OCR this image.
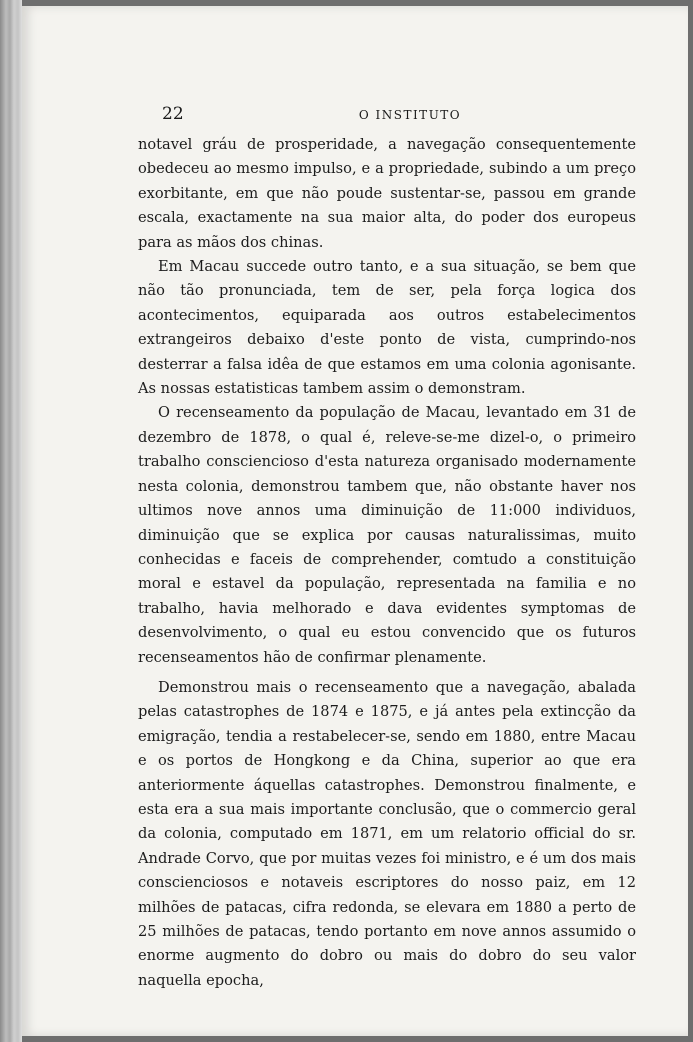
22	O INSTITUTO

notavel gráu de prosperidade, a navegação consequentemente obedeceu ao mesmo impulso, e a propriedade, subindo a um preço exorbitante, em que não poude sustentar-se, passou em grande escala, exactamente na sua maior alta, do poder dos europeus para as mãos dos chinas.

Em Macau succede outro tanto, e a sua situação, se bem que não tão pronunciada, tem de ser, pela força logica dos acontecimentos, equiparada aos outros estabelecimentos extrangeiros debaixo d'este ponto de vista, cumprindo-nos desterrar a falsa idêa de que estamos em uma colonia agonisante. As nossas estatisticas tambem assim o demonstram.

O recenseamento da população de Macau, levantado em 31 de dezembro de 1878, o qual é, releve-se-me dizel-o, o primeiro trabalho consciencioso d'esta natureza organisado modernamente nesta colonia, demonstrou tambem que, não obstante haver nos ultimos nove annos uma diminuição de 11:000 individuos, diminuição que se explica por causas naturalissimas, muito conhecidas e faceis de comprehender, comtudo a constituição moral e estavel da população, representada na familia e no trabalho, havia melhorado e dava evidentes symptomas de desenvolvimento, o qual eu estou convencido que os futuros recenseamentos hão de confirmar plenamente.

Demonstrou mais o recenseamento que a navegação, abalada pelas catastrophes de 1874 e 1875, e já antes pela extincção da emigração, tendia a restabelecer-se, sendo em 1880, entre Macau e os portos de Hongkong e da China, superior ao que era anteriormente áquellas catastrophes. Demonstrou finalmente, e esta era a sua mais importante conclusão, que o commercio geral da colonia, computado em 1871, em um relatorio official do sr. Andrade Corvo, que por muitas vezes foi ministro, e é um dos mais conscienciosos e notaveis escriptores do nosso paiz, em 12 milhões de patacas, cifra redonda, se elevara em 1880 a perto de 25 milhões de patacas, tendo portanto em nove annos assumido o enorme augmento do dobro ou mais do dobro do seu valor naquella epocha,
